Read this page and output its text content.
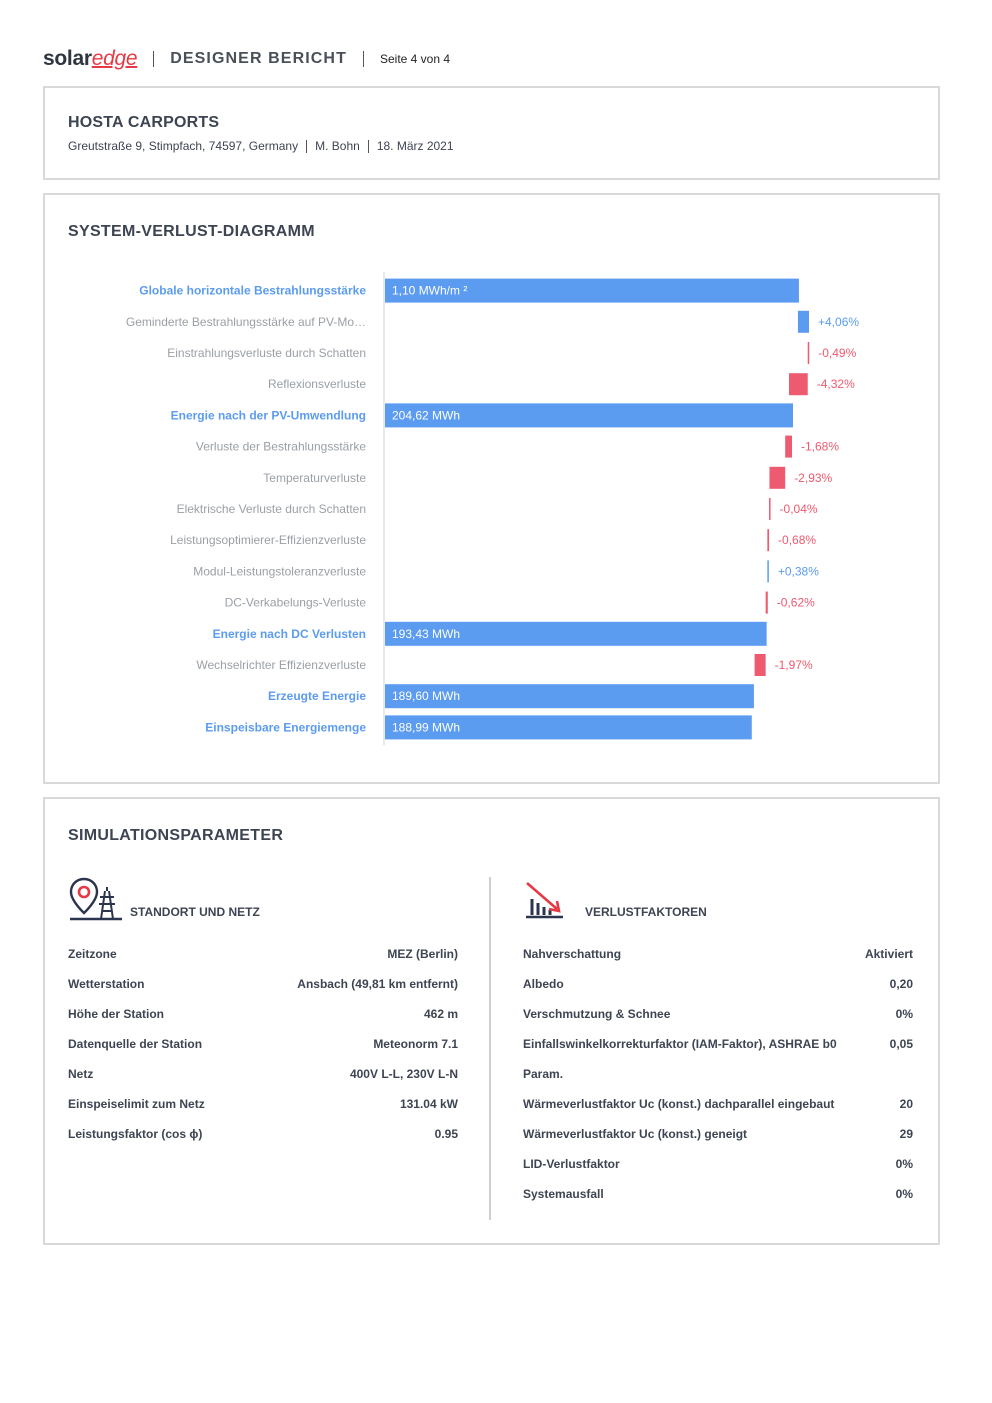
solar edge DESIGNER BERICHT	Seite 4 von 4
HOSTA CARPORTS
Greutstraße 9, Stimpfach, 74597, Germany M. Bohn 18. März 2021
SYSTEM-VERLUST-DIAGRAMM
Globale horizontale Bestrahlungsstärke 1,10 MWh/m ²
Geminderte Bestrahlungsstärke auf PV-Mo…	+4,06%
Einstrahlungsverluste durch Schatten	-0,49%
Reflexionsverluste	-4,32%
Energie nach der PV-Umwendlung 204,62 MWh
Verluste der Bestrahlungsstärke	-1,68%
Temperaturverluste	-2,93%
Elektrische Verluste durch Schatten	-0,04%
Leistungsoptimierer-Effizienzverluste	-0,68%
Modul-Leistungstoleranzverluste	+0,38%
DC-Verkabelungs-Verluste	-0,62%
Energie nach DC Verlusten 193,43 MWh
Wechselrichter Effizienzverluste	-1,97%
Erzeugte Energie 189,60 MWh
Einspeisbare Energiemenge 188,99 MWh
SIMULATIONSPARAMETER
STANDORT UND NETZ
Zeitzone	MEZ (Berlin)
Wetterstation	Ansbach (49,81 km entfernt)
Höhe der Station	462 m
Datenquelle der Station	Meteonorm 7.1
Netz	400V L-L, 230V L-N
Einspeiselimit zum Netz	131.04 kW
Leistungsfaktor (cos ϕ)	0.95
VERLUSTFAKTOREN
Nahverschattung	Aktiviert
Albedo	0,20
Verschmutzung & Schnee	0%
Einfallswinkelkorrekturfaktor (IAM-Faktor), ASHRAE b0	0,05
Param.
Wärmeverlustfaktor Uc (konst.) dachparallel eingebaut	20
Wärmeverlustfaktor Uc (konst.) geneigt	29
LID-Verlustfaktor	0%
Systemausfall	0%
